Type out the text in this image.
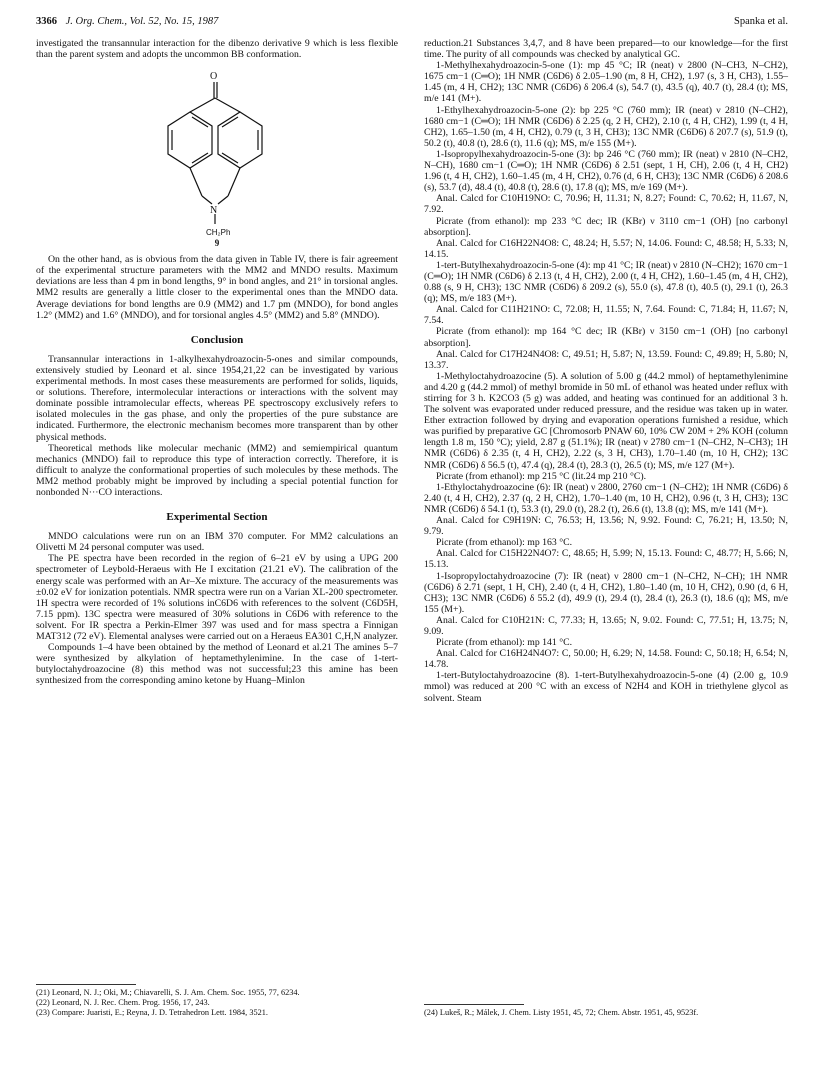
3366 J. Org. Chem., Vol. 52, No. 15, 1987	Spanka et al.

investigated the transannular interaction for the dibenzo derivative 9 which is less flexible than the parent system and adopts the uncommon BB conformation.

O
N
CH₂Ph
9

On the other hand, as is obvious from the data given in Table IV, there is fair agreement of the experimental structure parameters with the MM2 and MNDO results. Maximum deviations are less than 4 pm in bond lengths, 9° in bond angles, and 21° in torsional angles. MM2 results are generally a little closer to the experimental ones than the MNDO data. Average deviations for bond lengths are 0.9 (MM2) and 1.7 pm (MNDO), for bond angles 1.2° (MM2) and 1.6° (MNDO), and for torsional angles 4.5° (MM2) and 5.8° (MNDO).

Conclusion

Transannular interactions in 1-alkylhexahydroazocin-5-ones and similar compounds, extensively studied by Leonard et al. since 1954,21,22 can be investigated by various experimental methods. In most cases these measurements are performed for solids, liquids, or solutions. Therefore, intermolecular interactions or interactions with the solvent may dominate possible intramolecular effects, whereas PE spectroscopy exclusively refers to isolated molecules in the gas phase, and only the properties of the pure substance are indicated. Furthermore, the electronic mechanism becomes more transparent than by other physical methods.

Theoretical methods like molecular mechanic (MM2) and semiempirical quantum mechanics (MNDO) fail to reproduce this type of interaction correctly. Therefore, it is difficult to analyze the conformational properties of such molecules by these methods. The MM2 method probably might be improved by including a special potential function for nonbonded N···CO interactions.

Experimental Section

MNDO calculations were run on an IBM 370 computer. For MM2 calculations an Olivetti M 24 personal computer was used.

The PE spectra have been recorded in the region of 6–21 eV by using a UPG 200 spectrometer of Leybold-Heraeus with He I excitation (21.21 eV). The calibration of the energy scale was performed with an Ar–Xe mixture. The accuracy of the measurements was ±0.02 eV for ionization potentials. NMR spectra were run on a Varian XL-200 spectrometer. 1H spectra were recorded of 1% solutions inC6D6 with references to the solvent (C6D5H, 7.15 ppm). 13C spectra were measured of 30% solutions in C6D6 with reference to the solvent. For IR spectra a Perkin-Elmer 397 was used and for mass spectra a Finnigan MAT312 (72 eV). Elemental analyses were carried out on a Heraeus EA301 C,H,N analyzer.

Compounds 1–4 have been obtained by the method of Leonard et al.21 The amines 5–7 were synthesized by alkylation of heptamethylenimine. In the case of 1-tert-butyloctahydroazocine (8) this method was not successful;23 this amine has been synthesized from the corresponding amino ketone by Huang–Minlon

(21) Leonard, N. J.; Oki, M.; Chiavarelli, S. J. Am. Chem. Soc. 1955, 77, 6234.
(22) Leonard, N. J. Rec. Chem. Prog. 1956, 17, 243.
(23) Compare: Juaristi, E.; Reyna, J. D. Tetrahedron Lett. 1984, 3521.

reduction.21 Substances 3,4,7, and 8 have been prepared—to our knowledge—for the first time. The purity of all compounds was checked by analytical GC.

1-Methylhexahydroazocin-5-one (1): mp 45 °C; IR (neat) ν 2800 (N–CH3, N–CH2), 1675 cm−1 (C═O); 1H NMR (C6D6) δ 2.05–1.90 (m, 8 H, CH2), 1.97 (s, 3 H, CH3), 1.55–1.45 (m, 4 H, CH2); 13C NMR (C6D6) δ 206.4 (s), 54.7 (t), 43.5 (q), 40.7 (t), 28.4 (t); MS, m/e 141 (M+).

1-Ethylhexahydroazocin-5-one (2): bp 225 °C (760 mm); IR (neat) ν 2810 (N–CH2), 1680 cm−1 (C═O); 1H NMR (C6D6) δ 2.25 (q, 2 H, CH2), 2.10 (t, 4 H, CH2), 1.99 (t, 4 H, CH2), 1.65–1.50 (m, 4 H, CH2), 0.79 (t, 3 H, CH3); 13C NMR (C6D6) δ 207.7 (s), 51.9 (t), 50.2 (t), 40.8 (t), 28.6 (t), 11.6 (q); MS, m/e 155 (M+).

1-Isopropylhexahydroazocin-5-one (3): bp 246 °C (760 mm); IR (neat) ν 2810 (N–CH2, N–CH), 1680 cm−1 (C═O); 1H NMR (C6D6) δ 2.51 (sept, 1 H, CH), 2.06 (t, 4 H, CH2) 1.96 (t, 4 H, CH2), 1.60–1.45 (m, 4 H, CH2), 0.76 (d, 6 H, CH3); 13C NMR (C6D6) δ 208.6 (s), 53.7 (d), 48.4 (t), 40.8 (t), 28.6 (t), 17.8 (q); MS, m/e 169 (M+).

Anal. Calcd for C10H19NO: C, 70.96; H, 11.31; N, 8.27; Found: C, 70.62; H, 11.67, N, 7.92.

Picrate (from ethanol): mp 233 °C dec; IR (KBr) ν 3110 cm−1 (OH) [no carbonyl absorption].

Anal. Calcd for C16H22N4O8: C, 48.24; H, 5.57; N, 14.06. Found: C, 48.58; H, 5.33; N, 14.15.

1-tert-Butylhexahydroazocin-5-one (4): mp 41 °C; IR (neat) ν 2810 (N–CH2); 1670 cm−1 (C═O); 1H NMR (C6D6) δ 2.13 (t, 4 H, CH2), 2.00 (t, 4 H, CH2), 1.60–1.45 (m, 4 H, CH2), 0.88 (s, 9 H, CH3); 13C NMR (C6D6) δ 209.2 (s), 55.0 (s), 47.8 (t), 40.5 (t), 29.1 (t), 26.3 (q); MS, m/e 183 (M+).

Anal. Calcd for C11H21NO: C, 72.08; H, 11.55; N, 7.64. Found: C, 71.84; H, 11.67; N, 7.54.

Picrate (from ethanol): mp 164 °C dec; IR (KBr) ν 3150 cm−1 (OH) [no carbonyl absorption].

Anal. Calcd for C17H24N4O8: C, 49.51; H, 5.87; N, 13.59. Found: C, 49.89; H, 5.80; N, 13.37.

1-Methyloctahydroazocine (5). A solution of 5.00 g (44.2 mmol) of heptamethylenimine and 4.20 g (44.2 mmol) of methyl bromide in 50 mL of ethanol was heated under reflux with stirring for 3 h. K2CO3 (5 g) was added, and heating was continued for an additional 3 h. The solvent was evaporated under reduced pressure, and the residue was taken up in water. Ether extraction followed by drying and evaporation operations furnished a residue, which was purified by preparative GC [Chromosorb PNAW 60, 10% CW 20M + 2% KOH (column length 1.8 m, 150 °C); yield, 2.87 g (51.1%); IR (neat) ν 2780 cm−1 (N–CH2, N–CH3); 1H NMR (C6D6) δ 2.35 (t, 4 H, CH2), 2.22 (s, 3 H, CH3), 1.70–1.40 (m, 10 H, CH2); 13C NMR (C6D6) δ 56.5 (t), 47.4 (q), 28.4 (t), 28.3 (t), 26.5 (t); MS, m/e 127 (M+).

Picrate (from ethanol): mp 215 °C (lit.24 mp 210 °C).

1-Ethyloctahydroazocine (6): IR (neat) ν 2800, 2760 cm−1 (N–CH2); 1H NMR (C6D6) δ 2.40 (t, 4 H, CH2), 2.37 (q, 2 H, CH2), 1.70–1.40 (m, 10 H, CH2), 0.96 (t, 3 H, CH3); 13C NMR (C6D6) δ 54.1 (t), 53.3 (t), 29.0 (t), 28.2 (t), 26.6 (t), 13.8 (q); MS, m/e 141 (M+).

Anal. Calcd for C9H19N: C, 76.53; H, 13.56; N, 9.92. Found: C, 76.21; H, 13.50; N, 9.79.

Picrate (from ethanol): mp 163 °C.

Anal. Calcd for C15H22N4O7: C, 48.65; H, 5.99; N, 15.13. Found: C, 48.77; H, 5.66; N, 15.13.

1-Isopropyloctahydroazocine (7): IR (neat) ν 2800 cm−1 (N–CH2, N–CH); 1H NMR (C6D6) δ 2.71 (sept, 1 H, CH), 2.40 (t, 4 H, CH2), 1.80–1.40 (m, 10 H, CH2), 0.90 (d, 6 H, CH3); 13C NMR (C6D6) δ 55.2 (d), 49.9 (t), 29.4 (t), 28.4 (t), 26.3 (t), 18.6 (q); MS, m/e 155 (M+).

Anal. Calcd for C10H21N: C, 77.33; H, 13.65; N, 9.02. Found: C, 77.51; H, 13.75; N, 9.09.

Picrate (from ethanol): mp 141 °C.

Anal. Calcd for C16H24N4O7: C, 50.00; H, 6.29; N, 14.58. Found: C, 50.18; H, 6.54; N, 14.78.

1-tert-Butyloctahydroazocine (8). 1-tert-Butylhexahydroazocin-5-one (4) (2.00 g, 10.9 mmol) was reduced at 200 °C with an excess of N2H4 and KOH in triethylene glycol as solvent. Steam

(24) Lukeš, R.; Málek, J. Chem. Listy 1951, 45, 72; Chem. Abstr. 1951, 45, 9523f.
